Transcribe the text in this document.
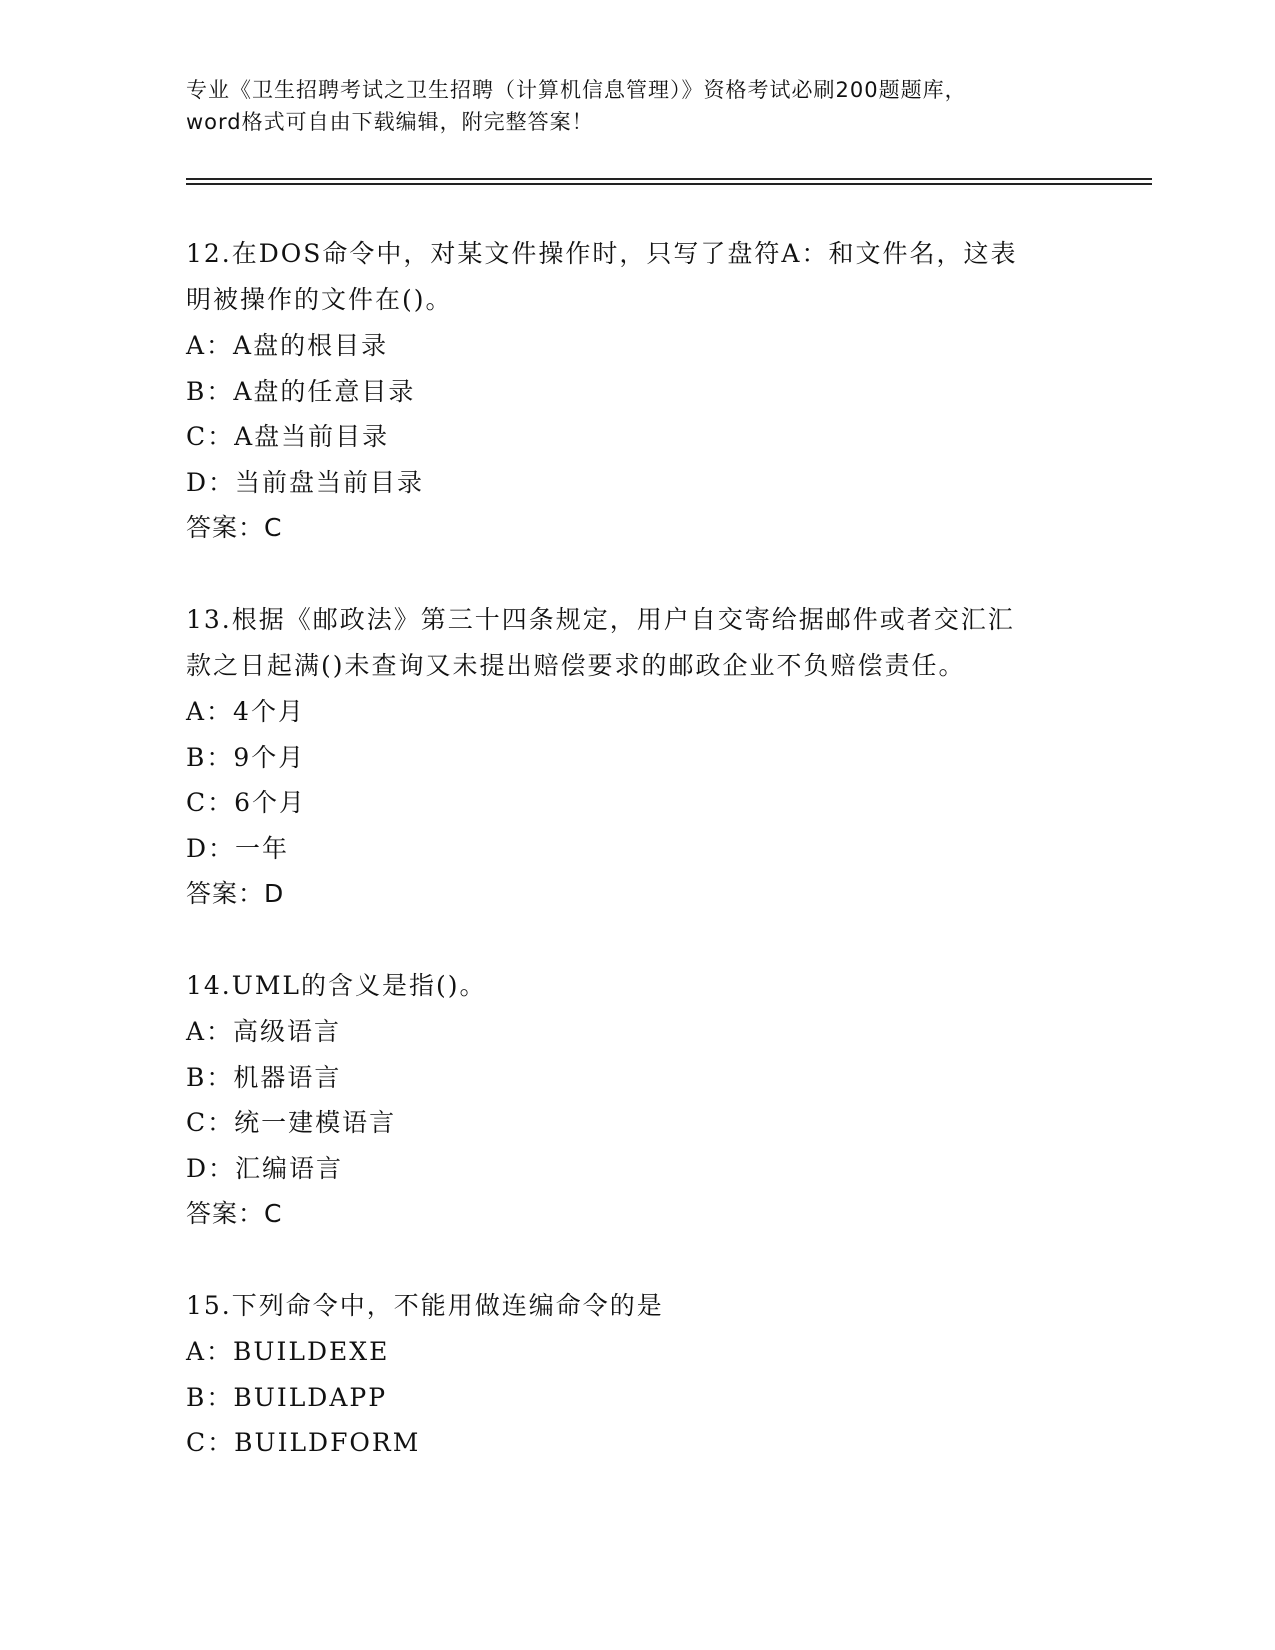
专业《卫生招聘考试之卫生招聘（计算机信息管理）》资格考试必刷200题题库，
word格式可自由下载编辑，附完整答案！

12.在DOS命令中，对某文件操作时，只写了盘符A：和文件名，这表

明被操作的文件在()。

A：A盘的根目录

B：A盘的任意目录

C：A盘当前目录

D：当前盘当前目录

答案：C

13.根据《邮政法》第三十四条规定，用户自交寄给据邮件或者交汇汇

款之日起满()未查询又未提出赔偿要求的邮政企业不负赔偿责任。

A：4个月

B：9个月

C：6个月

D：一年

答案：D

14.UML的含义是指()。

A：高级语言

B：机器语言

C：统一建模语言

D：汇编语言

答案：C

15.下列命令中，不能用做连编命令的是

A：BUILDEXE

B：BUILDAPP

C：BUILDFORM
